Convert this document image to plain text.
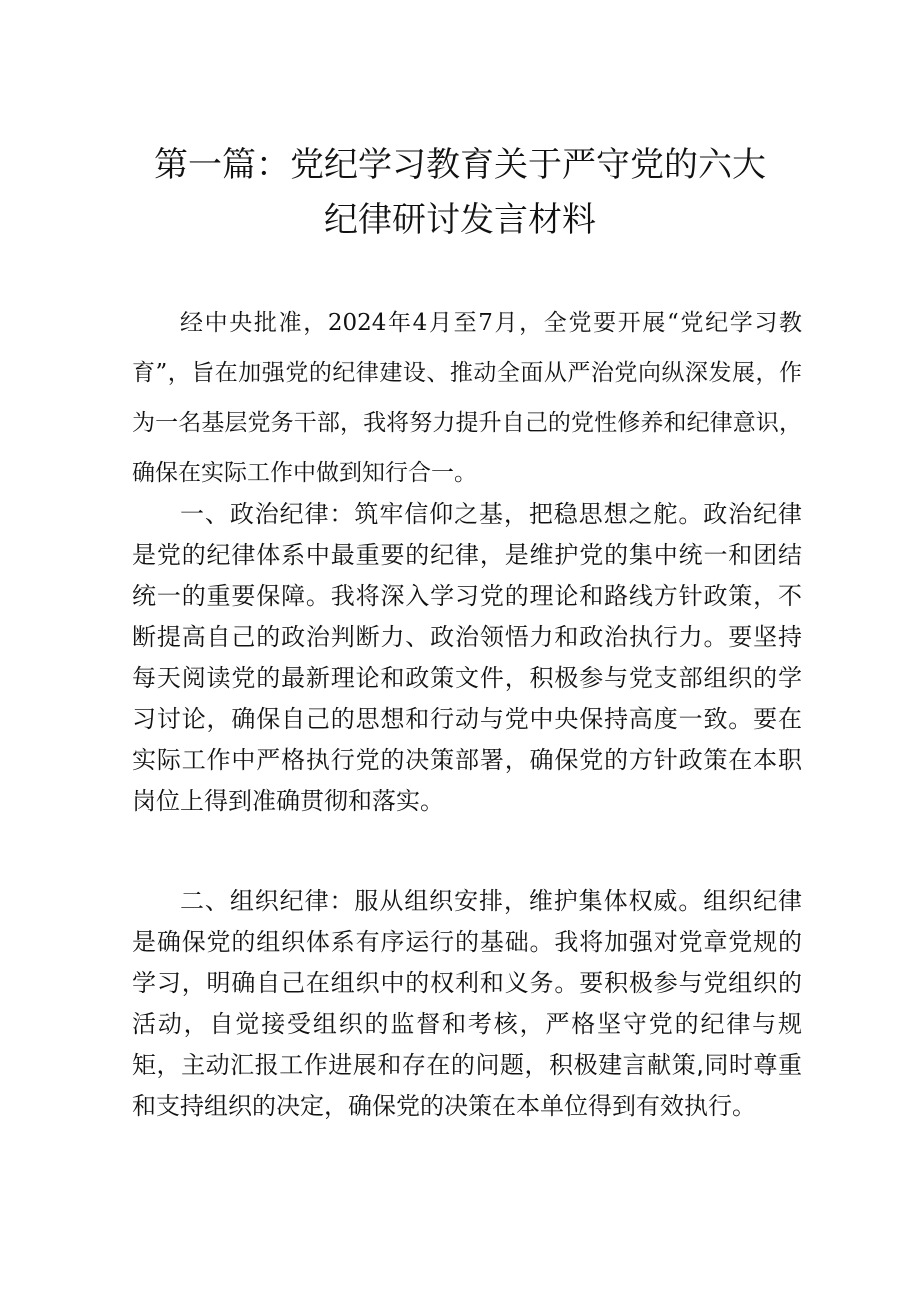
第一篇：党纪学习教育关于严守党的六大
纪律研讨发言材料

经中央批准，2024年4月至7月，全党要开展“党纪学习教育”，旨在加强党的纪律建设、推动全面从严治党向纵深发展，作为一名基层党务干部，我将努力提升自己的党性修养和纪律意识，确保在实际工作中做到知行合一。

一、政治纪律：筑牢信仰之基，把稳思想之舵。政治纪律是党的纪律体系中最重要的纪律，是维护党的集中统一和团结统一的重要保障。我将深入学习党的理论和路线方针政策，不断提高自己的政治判断力、政治领悟力和政治执行力。要坚持每天阅读党的最新理论和政策文件，积极参与党支部组织的学习讨论，确保自己的思想和行动与党中央保持高度一致。要在实际工作中严格执行党的决策部署，确保党的方针政策在本职岗位上得到准确贯彻和落实。

二、组织纪律：服从组织安排，维护集体权威。组织纪律是确保党的组织体系有序运行的基础。我将加强对党章党规的学习，明确自己在组织中的权利和义务。要积极参与党组织的活动，自觉接受组织的监督和考核，严格坚守党的纪律与规矩，主动汇报工作进展和存在的问题，积极建言献策,同时尊重和支持组织的决定，确保党的决策在本单位得到有效执行。
